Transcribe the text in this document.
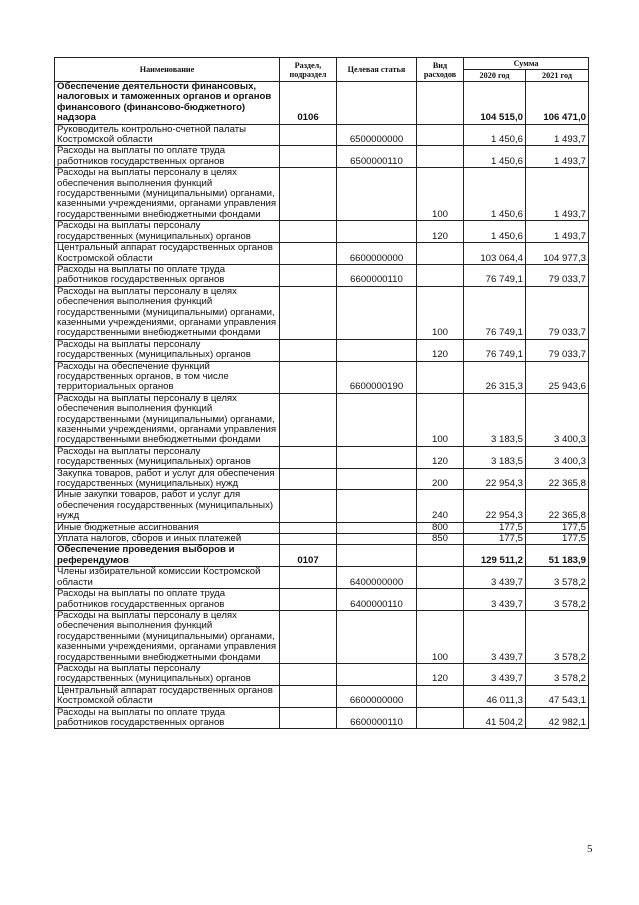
Наименование	Раздел, подраздел	Целевая статья	Вид расходов	Сумма	
				2020 год	2021 год
Обеспечение деятельности финансовых, налоговых и таможенных органов и органов финансового (финансово-бюджетного) надзора	0106			104 515,0	106 471,0
Руководитель контрольно-счетной палаты Костромской области		6500000000		1 450,6	1 493,7
Расходы на выплаты по оплате труда работников государственных органов		6500000110		1 450,6	1 493,7
Расходы на выплаты персоналу в целях обеспечения выполнения функций государственными (муниципальными) органами, казенными учреждениями, органами управления государственными внебюджетными фондами			100	1 450,6	1 493,7
Расходы на выплаты персоналу государственных (муниципальных) органов			120	1 450,6	1 493,7
Центральный аппарат государственных органов Костромской области		6600000000		103 064,4	104 977,3
Расходы на выплаты по оплате труда работников государственных органов		6600000110		76 749,1	79 033,7
Расходы на выплаты персоналу в целях обеспечения выполнения функций государственными (муниципальными) органами, казенными учреждениями, органами управления государственными внебюджетными фондами			100	76 749,1	79 033,7
Расходы на выплаты персоналу государственных (муниципальных) органов			120	76 749,1	79 033,7
Расходы на обеспечение функций государственных органов, в том числе территориальных органов		6600000190		26 315,3	25 943,6
Расходы на выплаты персоналу в целях обеспечения выполнения функций государственными (муниципальными) органами, казенными учреждениями, органами управления государственными внебюджетными фондами			100	3 183,5	3 400,3
Расходы на выплаты персоналу государственных (муниципальных) органов			120	3 183,5	3 400,3
Закупка товаров, работ и услуг для обеспечения государственных (муниципальных) нужд			200	22 954,3	22 365,8
Иные закупки товаров, работ и услуг для обеспечения государственных (муниципальных) нужд			240	22 954,3	22 365,8
Иные бюджетные ассигнования			800	177,5	177,5
Уплата налогов, сборов и иных платежей			850	177,5	177,5
Обеспечение проведения выборов и референдумов	0107			129 511,2	51 183,9
Члены избирательной комиссии Костромской области		6400000000		3 439,7	3 578,2
Расходы на выплаты по оплате труда работников государственных органов		6400000110		3 439,7	3 578,2
Расходы на выплаты персоналу в целях обеспечения выполнения функций государственными (муниципальными) органами, казенными учреждениями, органами управления государственными внебюджетными фондами			100	3 439,7	3 578,2
Расходы на выплаты персоналу государственных (муниципальных) органов			120	3 439,7	3 578,2
Центральный аппарат государственных органов Костромской области		6600000000		46 011,3	47 543,1
Расходы на выплаты по оплате труда работников государственных органов		6600000110		41 504,2	42 982,1
5
